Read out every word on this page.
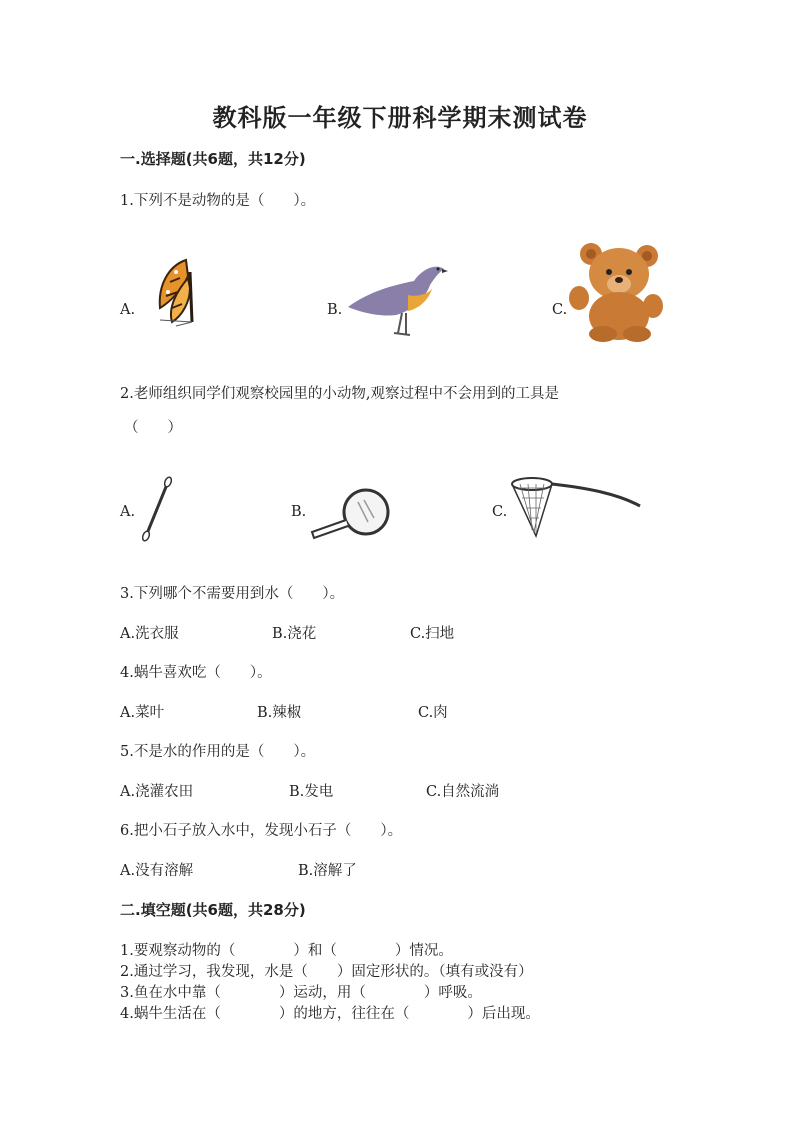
教科版一年级下册科学期末测试卷
一.选择题(共6题，共12分)
1.下列不是动物的是（　　）。
A.	B.	C.
2.老师组织同学们观察校园里的小动物,观察过程中不会用到的工具是
（　　）
A.	B.	C.
3.下列哪个不需要用到水（　　）。
A.洗衣服	B.浇花	C.扫地
4.蜗牛喜欢吃（　　）。
A.菜叶	B.辣椒	C.肉
5.不是水的作用的是（　　）。
A.浇灌农田	B.发电	C.自然流淌
6.把小石子放入水中，发现小石子（　　）。
A.没有溶解	B.溶解了
二.填空题(共6题，共28分)
1.要观察动物的（　　　　）和（　　　　）情况。
2.通过学习，我发现，水是（　　）固定形状的。（填有或没有）
3.鱼在水中靠（　　　　）运动，用（　　　　）呼吸。
4.蜗牛生活在（　　　　）的地方，往往在（　　　　）后出现。
